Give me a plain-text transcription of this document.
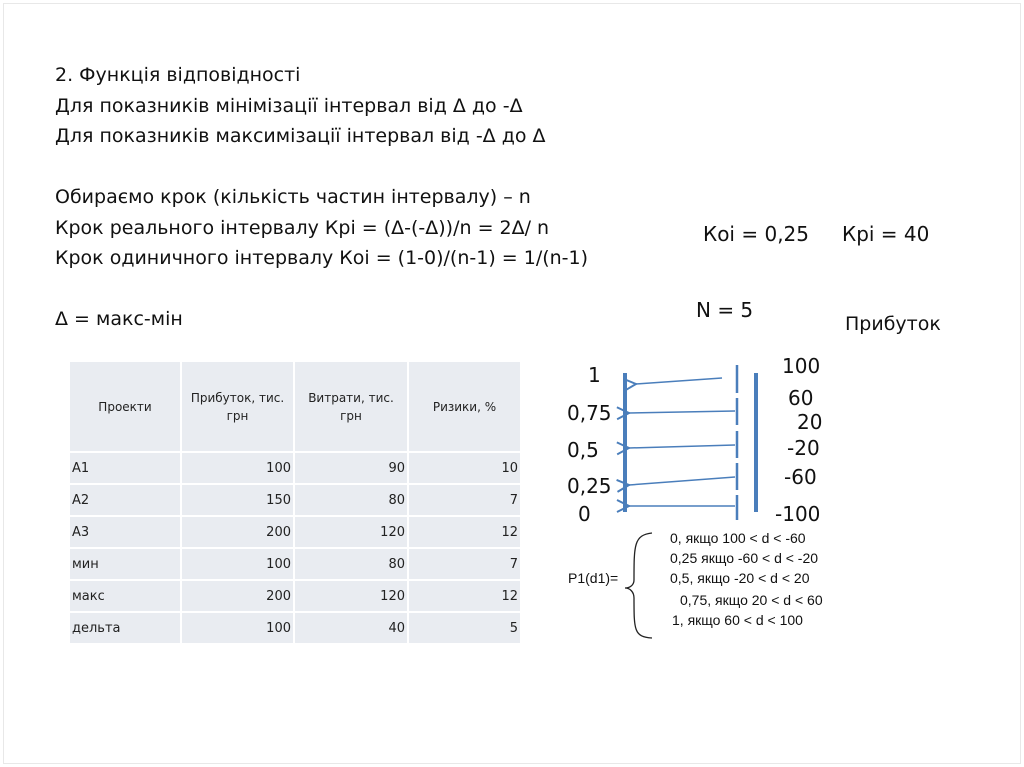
2. Функція відповідності
Для показників мінімізації інтервал від Δ до -Δ
Для показників максимізації інтервал від -Δ до Δ
Обираємо крок (кількість частин інтервалу) – n
Крок реального інтервалу Крі = (Δ-(-Δ))/n = 2Δ/ n
Крок одиничного інтервалу Коі = (1-0)/(n-1) = 1/(n-1)
Δ = макс-мін
Коі = 0,25 Крі = 40
N = 5
Прибуток
Проекти	Прибуток, тис. грн	Витрати, тис. грн	Ризики, %
А1	100	90	10
А2	150	80	7
А3	200	120	12
мин	100	80	7
макс	200	120	12
дельта	100	40	5
1
0,75
0,5
0,25
0
100
60
20
-20
-60
-100
P1(d1)=
0, якщо 100 < d < -60
0,25 якщо -60 < d < -20
0,5, якщо -20 < d < 20
0,75, якщо 20 < d < 60
1, якщо 60 < d < 100
